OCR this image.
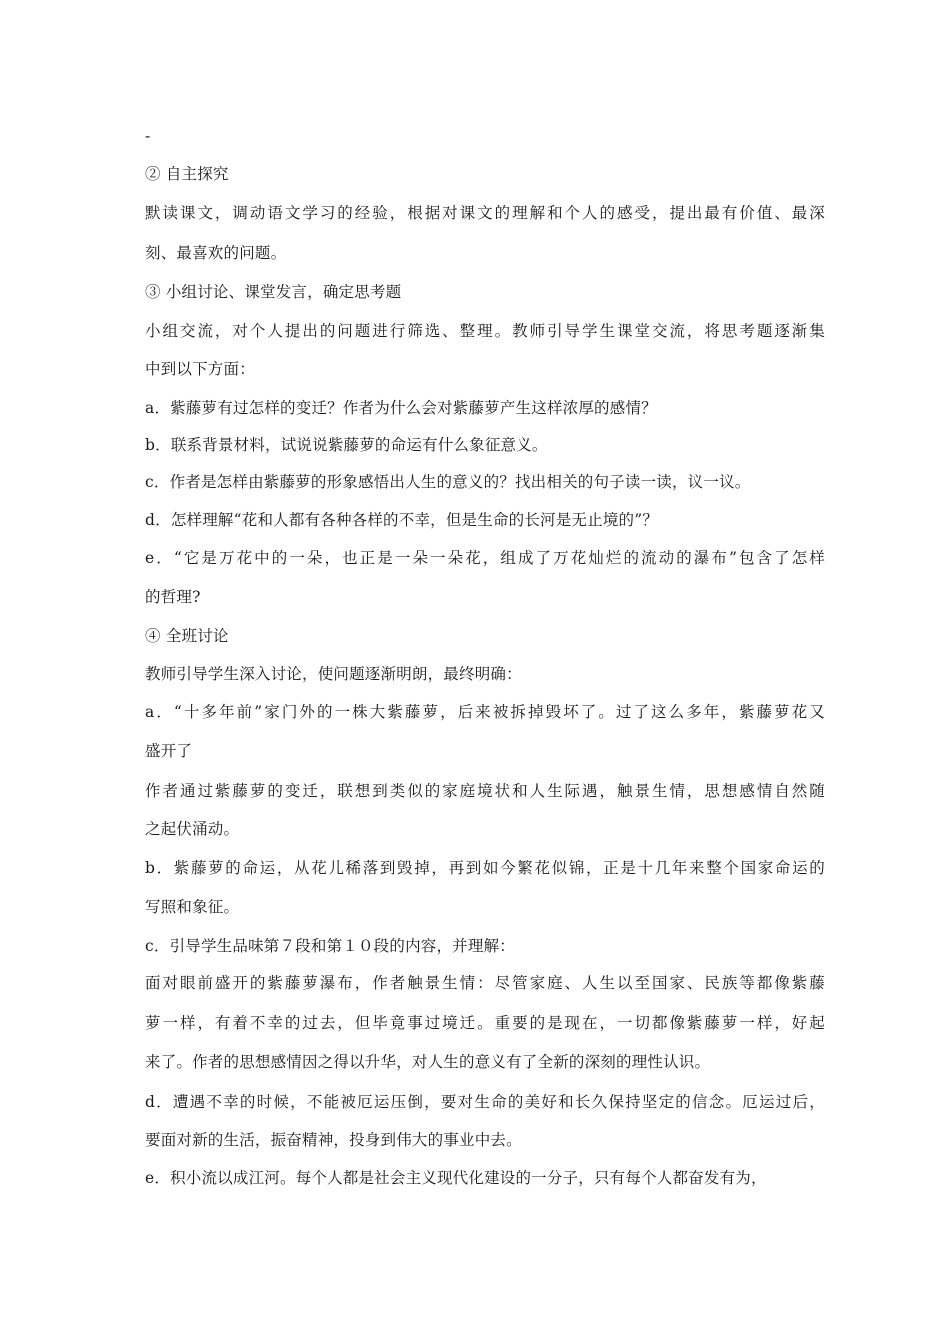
-
② 自主探究
默读课文，调动语文学习的经验，根据对课文的理解和个人的感受，提出最有价值、最深
刻、最喜欢的问题。
③ 小组讨论、课堂发言，确定思考题
小组交流，对个人提出的问题进行筛选、整理。教师引导学生课堂交流，将思考题逐渐集
中到以下方面：
a．紫藤萝有过怎样的变迁？作者为什么会对紫藤萝产生这样浓厚的感情？
b．联系背景材料，试说说紫藤萝的命运有什么象征意义。
c．作者是怎样由紫藤萝的形象感悟出人生的意义的？找出相关的句子读一读，议一议。
d．怎样理解“花和人都有各种各样的不幸，但是生命的长河是无止境的”？
e．“它是万花中的一朵，也正是一朵一朵花，组成了万花灿烂的流动的瀑布”包含了怎样
的哲理?
④ 全班讨论
教师引导学生深入讨论，使问题逐渐明朗，最终明确：
a．“十多年前”家门外的一株大紫藤萝，后来被拆掉毁坏了。过了这么多年，紫藤萝花又
盛开了
作者通过紫藤萝的变迁，联想到类似的家庭境状和人生际遇，触景生情，思想感情自然随
之起伏涌动。
b．紫藤萝的命运，从花儿稀落到毁掉，再到如今繁花似锦，正是十几年来整个国家命运的
写照和象征。
c．引导学生品味第７段和第１０段的内容，并理解：
面对眼前盛开的紫藤萝瀑布，作者触景生情：尽管家庭、人生以至国家、民族等都像紫藤
萝一样，有着不幸的过去，但毕竟事过境迁。重要的是现在，一切都像紫藤萝一样，好起
来了。作者的思想感情因之得以升华，对人生的意义有了全新的深刻的理性认识。
d．遭遇不幸的时候，不能被厄运压倒，要对生命的美好和长久保持坚定的信念。厄运过后，
要面对新的生活，振奋精神，投身到伟大的事业中去。
e．积小流以成江河。每个人都是社会主义现代化建设的一分子，只有每个人都奋发有为，
